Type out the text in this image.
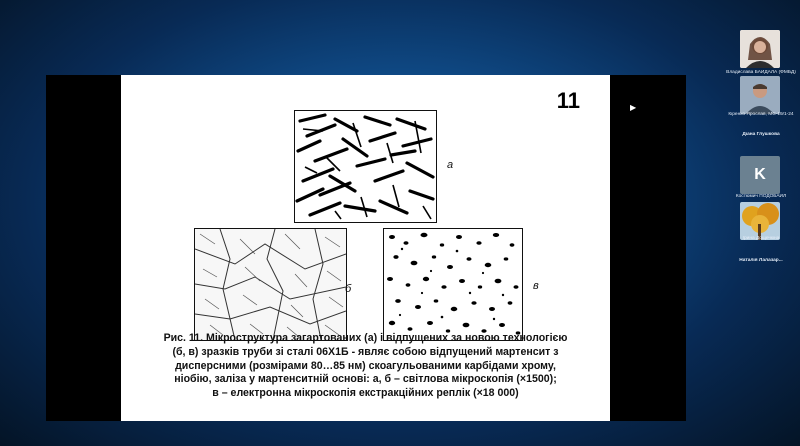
11
а
б	в
Рис. 11. Мікроструктура загартованих (а) і відпущених за новою технологією
(б, в) зразків труби зі сталі 06Х1Б - являє собою відпущений мартенсит з
дисперсними (розмірами 80…85 нм) скоагульованими карбідами хрому,
ніобію, заліза у мартенситній основі: а, б – світлова мікроскопія (×1500);
в – електронна мікроскопія екстракційних реплік (×18 000)
▶
Владислава БАЙДАЛА (ФМБД)
Кіренко Ярослав, МС-19/1-24
Діана Глушкова
K
Костюмич ПОДОБАЙЛ
Ірина Дощечкіна
Наталія Лалазар...
